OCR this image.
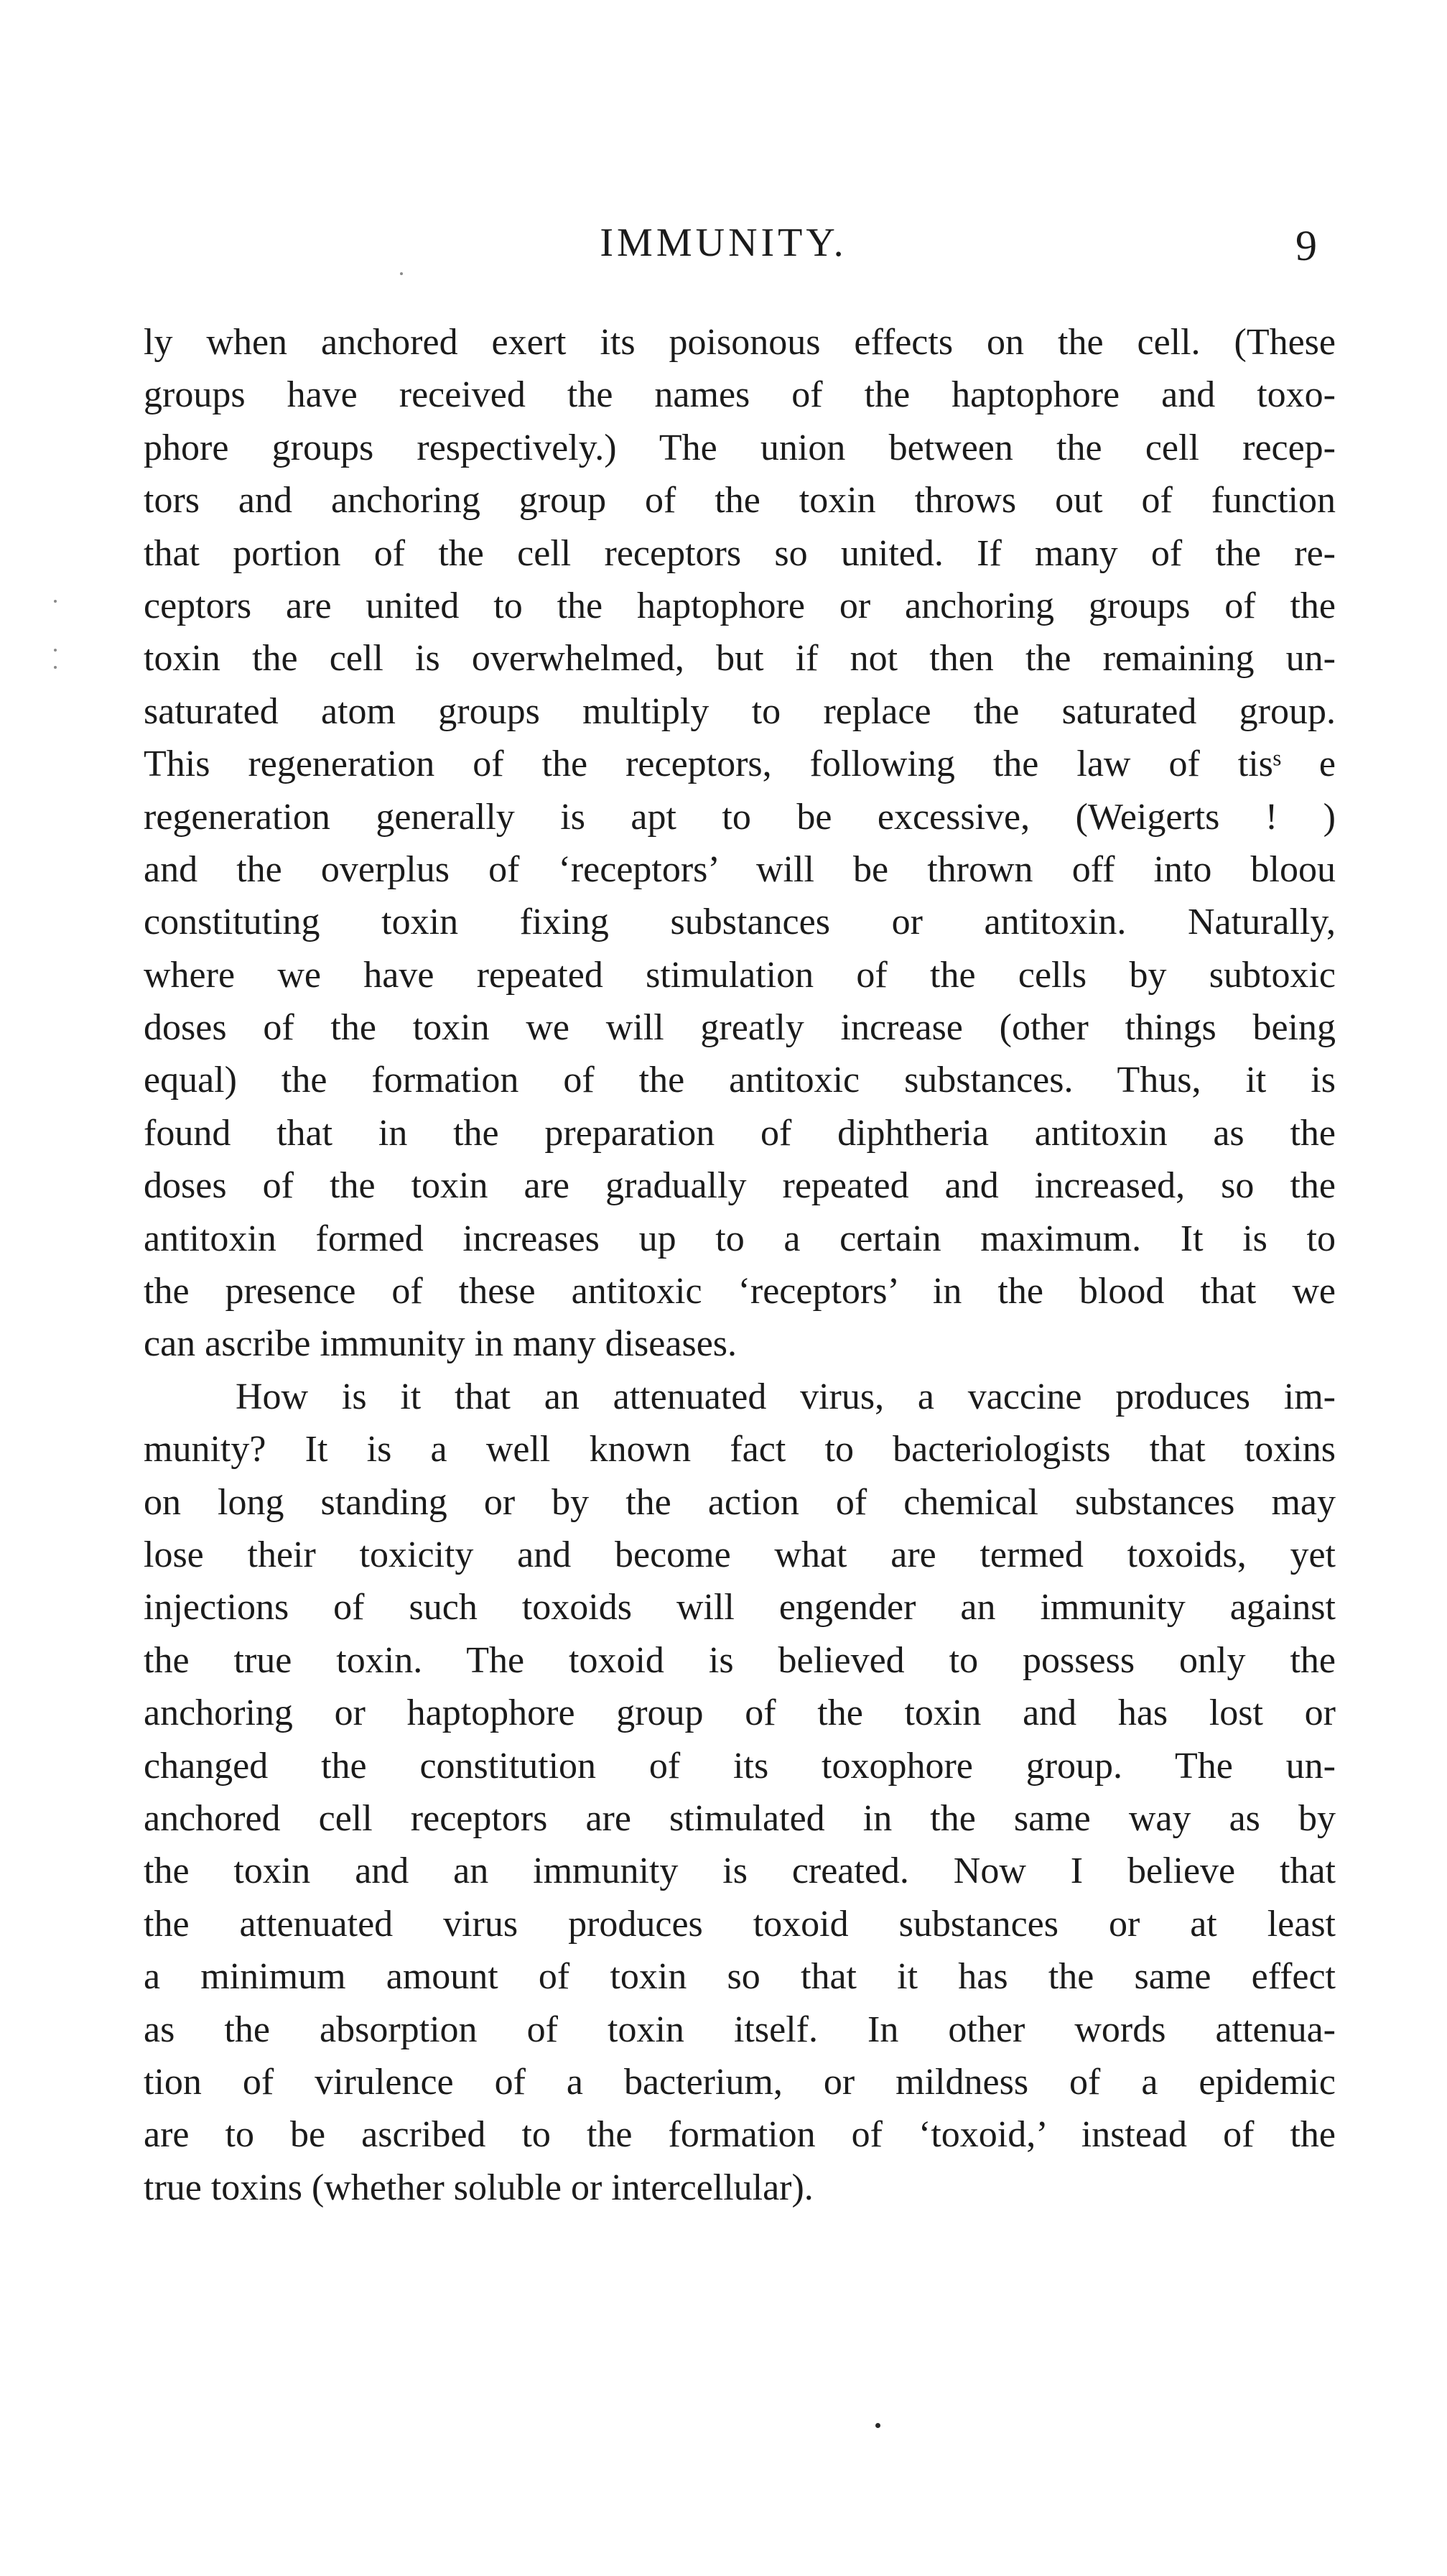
IMMUNITY.	9
ly when anchored exert its poisonous effects on the cell. (These
groups have received the names of the haptophore and toxo-
phore groups respectively.) The union between the cell recep-
tors and anchoring group of the toxin throws out of function
that portion of the cell receptors so united. If many of the re-
ceptors are united to the haptophore or anchoring groups of the
toxin the cell is overwhelmed, but if not then the remaining un-
saturated atom groups multiply to replace the saturated group.
This regeneration of the receptors, following the law of tisˢ e
regeneration generally is apt to be excessive, (Weigerts ! )
and the overplus of ‘receptors’ will be thrown off into bloou
constituting toxin fixing substances or antitoxin. Naturally,
where we have repeated stimulation of the cells by subtoxic
doses of the toxin we will greatly increase (other things being
equal) the formation of the antitoxic substances. Thus, it is
found that in the preparation of diphtheria antitoxin as the
doses of the toxin are gradually repeated and increased, so the
antitoxin formed increases up to a certain maximum. It is to
the presence of these antitoxic ‘receptors’ in the blood that we
can ascribe immunity in many diseases.
How is it that an attenuated virus, a vaccine produces im-
munity? It is a well known fact to bacteriologists that toxins
on long standing or by the action of chemical substances may
lose their toxicity and become what are termed toxoids, yet
injections of such toxoids will engender an immunity against
the true toxin. The toxoid is believed to possess only the
anchoring or haptophore group of the toxin and has lost or
changed the constitution of its toxophore group. The un-
anchored cell receptors are stimulated in the same way as by
the toxin and an immunity is created. Now I believe that
the attenuated virus produces toxoid substances or at least
a minimum amount of toxin so that it has the same effect
as the absorption of toxin itself. In other words attenua-
tion of virulence of a bacterium, or mildness of a epidemic
are to be ascribed to the formation of ‘toxoid,’ instead of the
true toxins (whether soluble or intercellular).
